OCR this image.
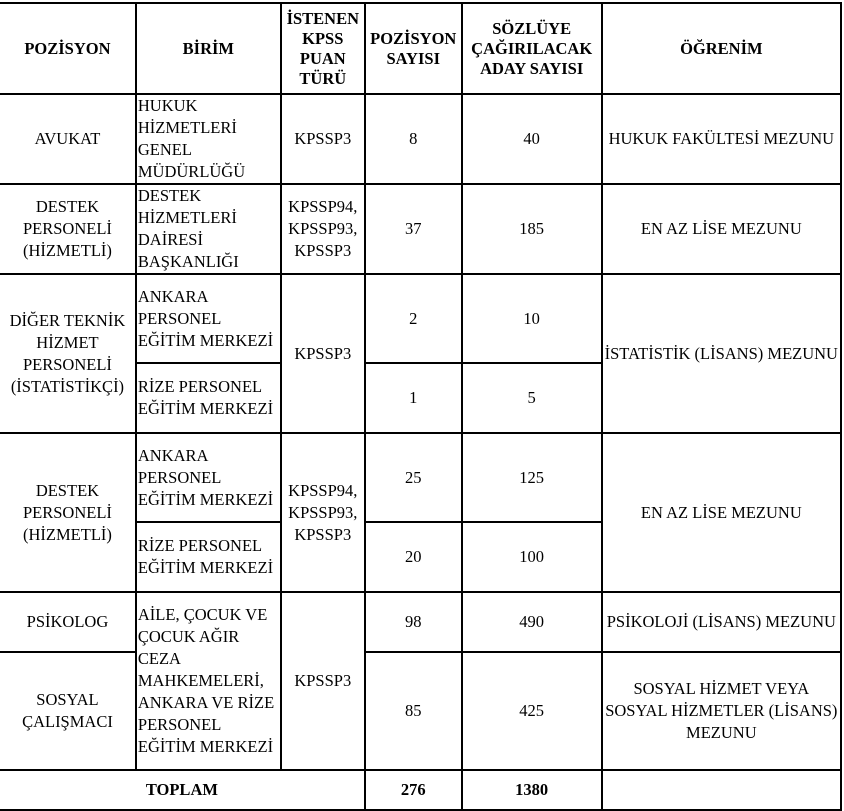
POZİSYON	BİRİM	İSTENEN KPSS PUAN TÜRÜ	POZİSYON SAYISI	SÖZLÜYE ÇAĞIRILACAK ADAY SAYISI	ÖĞRENİM
AVUKAT	HUKUK HİZMETLERİ GENEL MÜDÜRLÜĞÜ	KPSSP3	8	40	HUKUK FAKÜLTESİ MEZUNU
DESTEK PERSONELİ (HİZMETLİ)	DESTEK HİZMETLERİ DAİRESİ BAŞKANLIĞI	KPSSP94, KPSSP93, KPSSP3	37	185	EN AZ LİSE MEZUNU
DİĞER TEKNİK HİZMET PERSONELİ (İSTATİSTİKÇİ)	ANKARA PERSONEL EĞİTİM MERKEZİ	KPSSP3	2	10	İSTATİSTİK (LİSANS) MEZUNU
	RİZE PERSONEL EĞİTİM MERKEZİ		1	5	
DESTEK PERSONELİ (HİZMETLİ)	ANKARA PERSONEL EĞİTİM MERKEZİ	KPSSP94, KPSSP93, KPSSP3	25	125	EN AZ LİSE MEZUNU
	RİZE PERSONEL EĞİTİM MERKEZİ		20	100	
PSİKOLOG	AİLE, ÇOCUK VE ÇOCUK AĞIR CEZA MAHKEMELERİ, ANKARA VE RİZE PERSONEL EĞİTİM MERKEZİ	KPSSP3	98	490	PSİKOLOJİ (LİSANS) MEZUNU
SOSYAL ÇALIŞMACI			85	425	SOSYAL HİZMET VEYA SOSYAL HİZMETLER (LİSANS) MEZUNU
TOPLAM			276	1380	
